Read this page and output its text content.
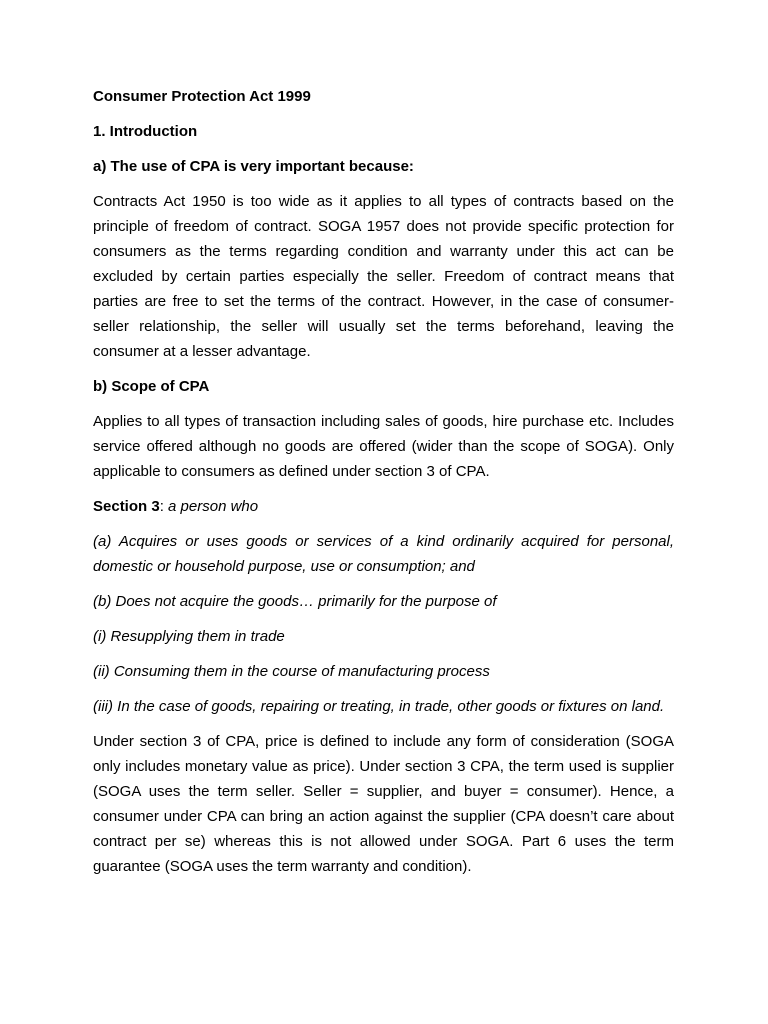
Consumer Protection Act 1999

1. Introduction

a) The use of CPA is very important because:

Contracts Act 1950 is too wide as it applies to all types of contracts based on the principle of freedom of contract. SOGA 1957 does not provide specific protection for consumers as the terms regarding condition and warranty under this act can be excluded by certain parties especially the seller. Freedom of contract means that parties are free to set the terms of the contract. However, in the case of consumer-seller relationship, the seller will usually set the terms beforehand, leaving the consumer at a lesser advantage.

b) Scope of CPA

Applies to all types of transaction including sales of goods, hire purchase etc. Includes service offered although no goods are offered (wider than the scope of SOGA). Only applicable to consumers as defined under section 3 of CPA.

Section 3: a person who

(a) Acquires or uses goods or services of a kind ordinarily acquired for personal, domestic or household purpose, use or consumption; and

(b) Does not acquire the goods… primarily for the purpose of

(i) Resupplying them in trade

(ii) Consuming them in the course of manufacturing process

(iii) In the case of goods, repairing or treating, in trade, other goods or fixtures on land.

Under section 3 of CPA, price is defined to include any form of consideration (SOGA only includes monetary value as price). Under section 3 CPA, the term used is supplier (SOGA uses the term seller. Seller = supplier, and buyer = consumer). Hence, a consumer under CPA can bring an action against the supplier (CPA doesn’t care about contract per se) whereas this is not allowed under SOGA. Part 6 uses the term guarantee (SOGA uses the term warranty and condition).
